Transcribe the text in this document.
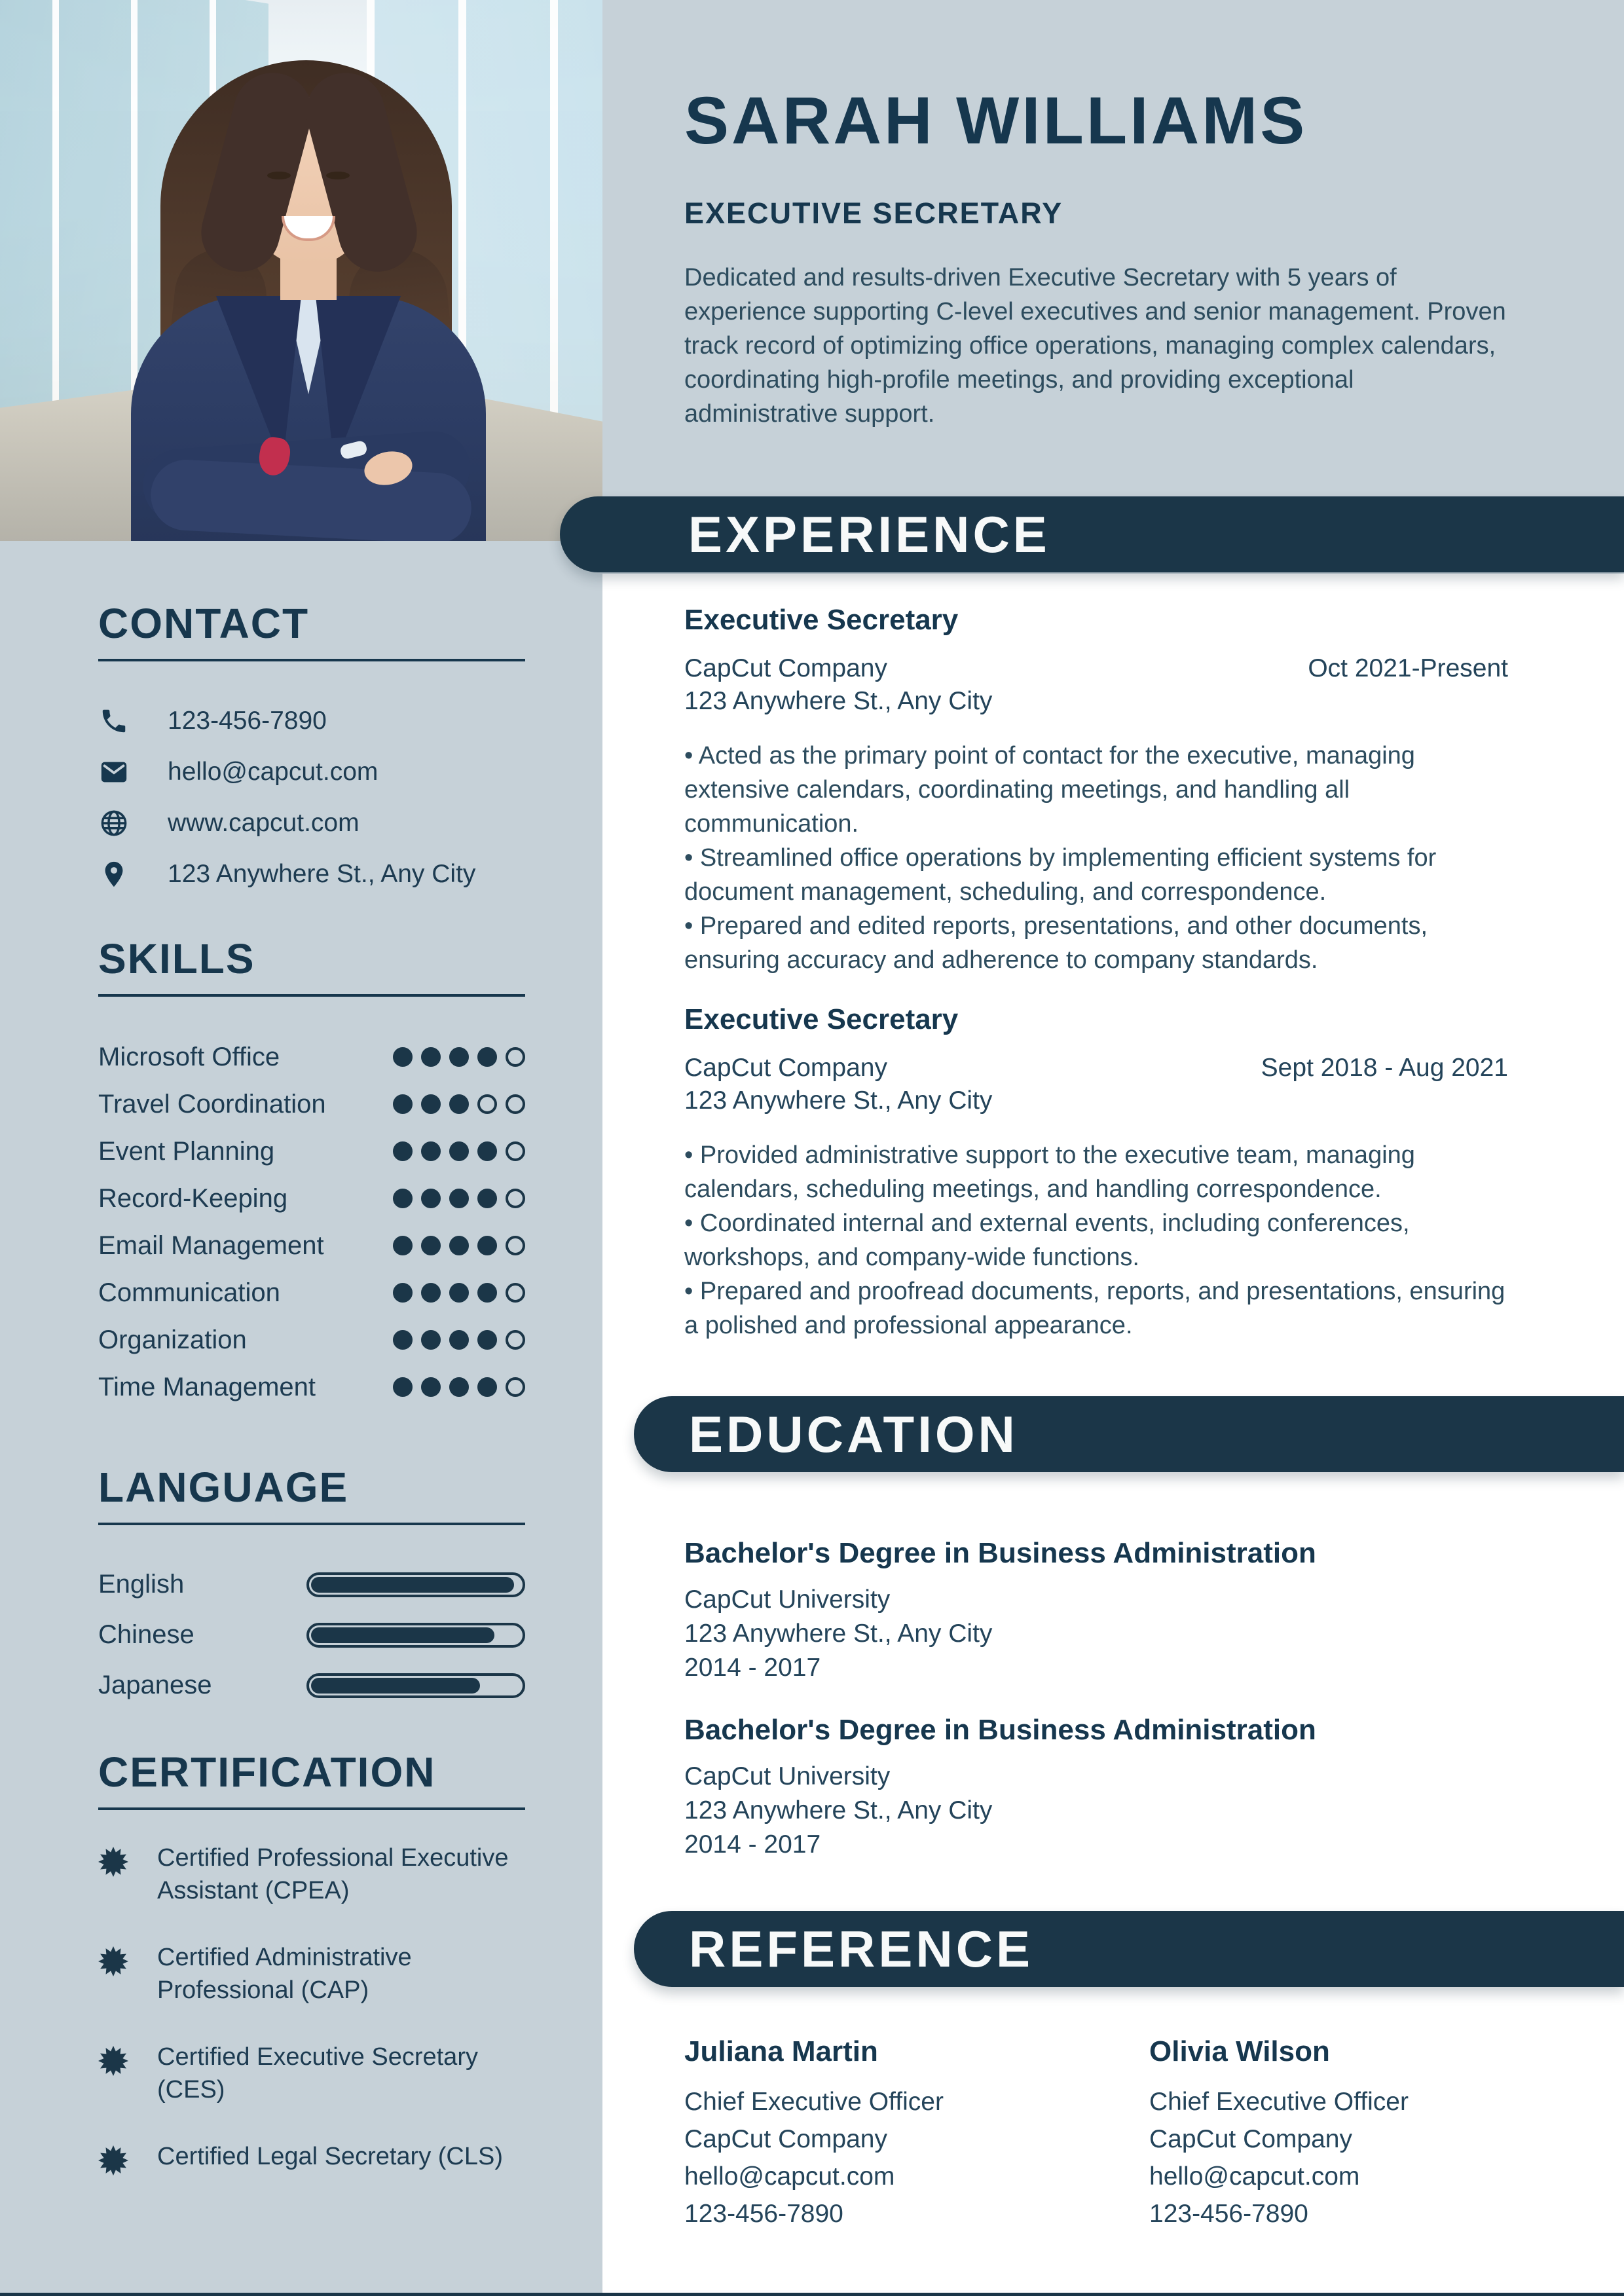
CONTACT
123-456-7890
hello@capcut.com
www.capcut.com
123 Anywhere St., Any City
SKILLS
Microsoft Office
Travel Coordination
Event Planning
Record-Keeping
Email Management
Communication
Organization
Time Management
LANGUAGE
English
Chinese
Japanese
CERTIFICATION
Certified Professional Executive Assistant (CPEA)
Certified Administrative Professional (CAP)
Certified Executive Secretary (CES)
Certified Legal Secretary (CLS)
SARAH WILLIAMS
EXECUTIVE SECRETARY

Dedicated and results-driven Executive Secretary with 5 years of experience supporting C-level executives and senior management. Proven track record of optimizing office operations, managing complex calendars, coordinating high-profile meetings, and providing exceptional administrative support.

EXPERIENCE
EDUCATION
REFERENCE
Executive Secretary
CapCut Company	Oct 2021-Present
123 Anywhere St., Any City

• Acted as the primary point of contact for the executive, managing extensive calendars, coordinating meetings, and handling all communication.

• Streamlined office operations by implementing efficient systems for document management, scheduling, and correspondence.

• Prepared and edited reports, presentations, and other documents, ensuring accuracy and adherence to company standards.

Executive Secretary
CapCut Company	Sept 2018 - Aug 2021
123 Anywhere St., Any City

• Provided administrative support to the executive team, managing calendars, scheduling meetings, and handling correspondence.

• Coordinated internal and external events, including conferences, workshops, and company-wide functions.

• Prepared and proofread documents, reports, and presentations, ensuring a polished and professional appearance.

Bachelor's Degree in Business Administration
CapCut University
123 Anywhere St., Any City
2014 - 2017
Bachelor's Degree in Business Administration
CapCut University
123 Anywhere St., Any City
2014 - 2017
Juliana Martin
Chief Executive Officer
CapCut Company
hello@capcut.com
123-456-7890
Olivia Wilson
Chief Executive Officer
CapCut Company
hello@capcut.com
123-456-7890
